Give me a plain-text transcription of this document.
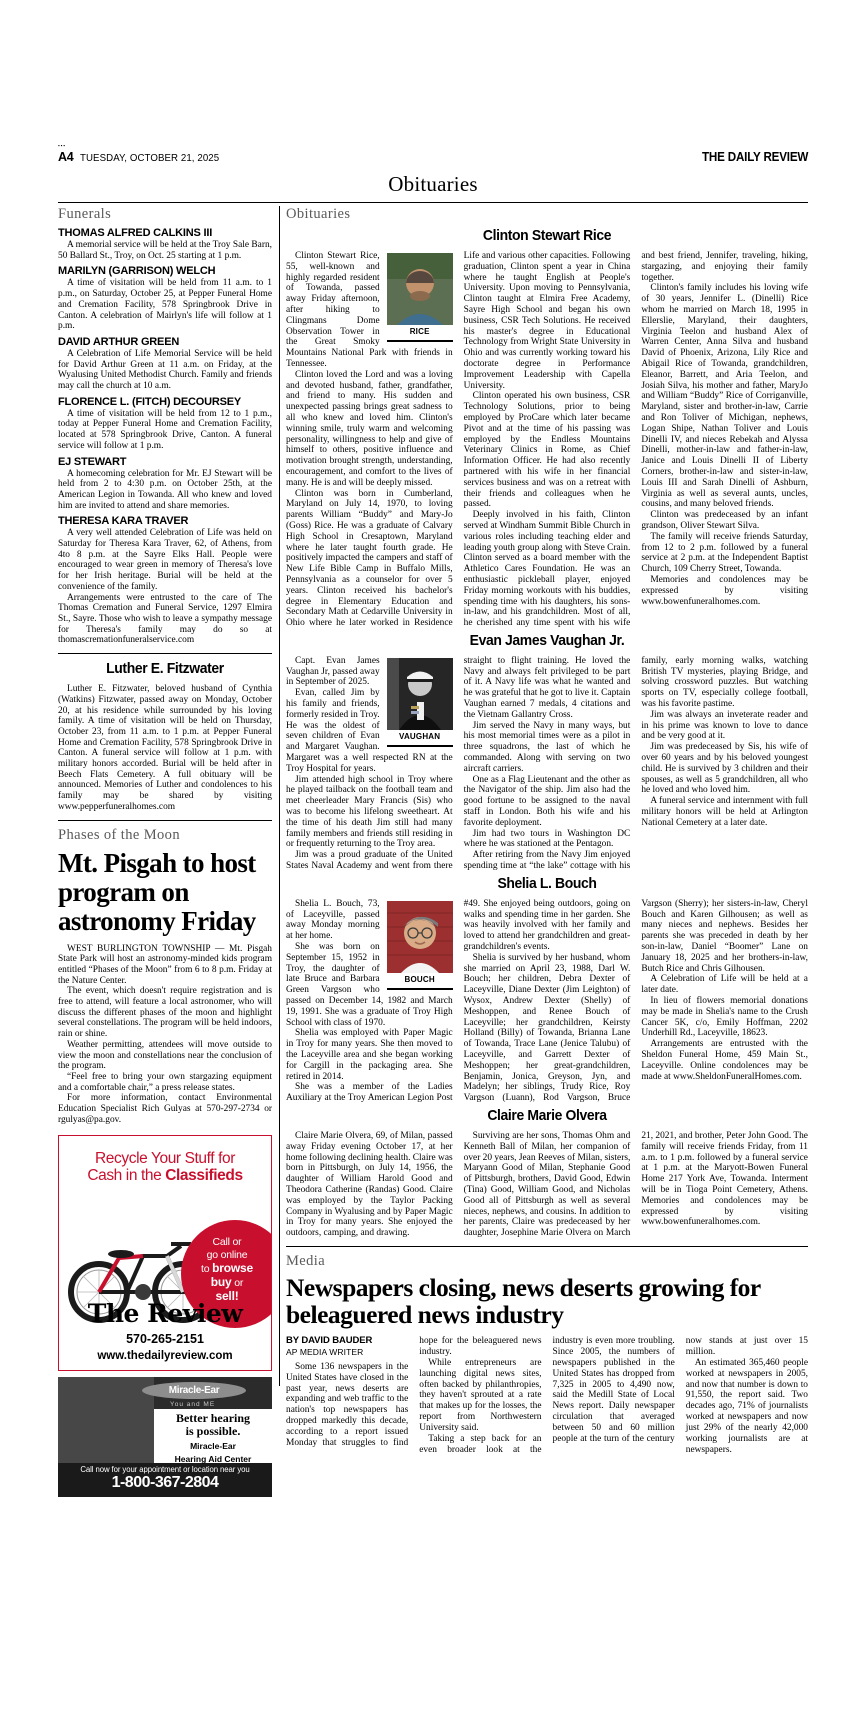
▪▪▪ A4 TUESDAY, OCTOBER 21, 2025	THE DAILY REVIEW
Obituaries
Funerals
THOMAS ALFRED CALKINS III
A memorial service will be held at the Troy Sale Barn, 50 Ballard St., Troy, on Oct. 25 starting at 1 p.m.
MARILYN (GARRISON) WELCH
A time of visitation will be held from 11 a.m. to 1 p.m., on Saturday, October 25, at Pepper Funeral Home and Cremation Facility, 578 Springbrook Drive in Canton. A celebration of Mairlyn's life will follow at 1 p.m.
DAVID ARTHUR GREEN
A Celebration of Life Memorial Service will be held for David Arthur Green at 11 a.m. on Friday, at the Wyalusing United Methodist Church. Family and friends may call the church at 10 a.m.
FLORENCE L. (FITCH) DECOURSEY
A time of visitation will be held from 12 to 1 p.m., today at Pepper Funeral Home and Cremation Facility, located at 578 Springbrook Drive, Canton. A funeral service will follow at 1 p.m.
EJ STEWART
A homecoming celebration for Mr. EJ Stewart will be held from 2 to 4:30 p.m. on October 25th, at the American Legion in Towanda. All who knew and loved him are invited to attend and share memories.
THERESA KARA TRAVER
A very well attended Celebration of Life was held on Saturday for Theresa Kara Traver, 62, of Athens, from 4to 8 p.m. at the Sayre Elks Hall. People were encouraged to wear green in memory of Theresa's love for her Irish heritage. Burial will be held at the convenience of the family.
Arrangements were entrusted to the care of The Thomas Cremation and Funeral Service, 1297 Elmira St., Sayre. Those who wish to leave a sympathy message for Theresa's family may do so at thomascremationfuneralservice.com
Luther E. Fitzwater
Luther E. Fitzwater, beloved husband of Cynthia (Watkins) Fitzwater, passed away on Monday, October 20, at his residence while surrounded by his loving family. A time of visitation will be held on Thursday, October 23, from 11 a.m. to 1 p.m. at Pepper Funeral Home and Cremation Facility, 578 Springbrook Drive in Canton. A funeral service will follow at 1 p.m. with military honors accorded. Burial will be held after in Beech Flats Cemetery. A full obituary will be announced. Memories of Luther and condolences to his family may be shared by visiting www.pepperfuneralhomes.com
Phases of the Moon
Mt. Pisgah to host program on astronomy Friday
WEST BURLINGTON TOWNSHIP — Mt. Pisgah State Park will host an astronomy-minded kids program entitled “Phases of the Moon” from 6 to 8 p.m. Friday at the Nature Center.
The event, which doesn't require registration and is free to attend, will feature a local astronomer, who will discuss the different phases of the moon and highlight several constellations. The program will be held indoors, rain or shine.
Weather permitting, attendees will move outside to view the moon and constellations near the conclusion of the program.
“Feel free to bring your own stargazing equipment and a comfortable chair,” a press release states.
For more information, contact Environmental Education Specialist Rich Gulyas at 570-297-2734 or rgulyas@pa.gov.
Recycle Your Stuff for
Cash in the Classifieds
Call or
go online
to browse
buy or
sell!
The Review
570-265-2151
www.thedailyreview.com
Miracle-Ear
You and ME
Better hearing
is possible.
Miracle-Ear
Hearing Aid Center
Call now for your appointment or location near you
1-800-367-2804
Obituaries
Clinton Stewart Rice
RICE

Clinton Stewart Rice, 55, well-known and highly regarded resident of Towanda, passed away Friday afternoon, after hiking to Clingmans Dome Observation Tower in the Great Smoky Mountains National Park with friends in Tennessee.

Clinton loved the Lord and was a loving and devoted husband, father, grandfather, and friend to many. His sudden and unexpected passing brings great sadness to all who knew and loved him. Clinton's winning smile, truly warm and welcoming personality, willingness to help and give of himself to others, positive influence and motivation brought strength, understanding, encouragement, and comfort to the lives of many. He is and will be deeply missed.

Clinton was born in Cumberland, Maryland on July 14, 1970, to loving parents William “Buddy” and Mary-Jo (Goss) Rice. He was a graduate of Calvary High School in Cresaptown, Maryland where he later taught fourth grade. He positively impacted the campers and staff of New Life Bible Camp in Buffalo Mills, Pennsylvania as a counselor for over 5 years. Clinton received his bachelor's degree in Elementary Education and Secondary Math at Cedarville University in Ohio where he later worked in Residence Life and various other capacities. Following graduation, Clinton spent a year in China where he taught English at People's University. Upon moving to Pennsylvania, Clinton taught at Elmira Free Academy, Sayre High School and began his own business, CSR Tech Solutions. He received his master's degree in Educational Technology from Wright State University in Ohio and was currently working toward his doctorate degree in Performance Improvement Leadership with Capella University.

Clinton operated his own business, CSR Technology Solutions, prior to being employed by ProCare which later became Pivot and at the time of his passing was employed by the Endless Mountains Veterinary Clinics in Rome, as Chief Information Officer. He had also recently partnered with his wife in her financial services business and was on a retreat with their friends and colleagues when he passed.

Deeply involved in his faith, Clinton served at Windham Summit Bible Church in various roles including teaching elder and leading youth group along with Steve Crain. Clinton served as a board member with the Athletico Cares Foundation. He was an enthusiastic pickleball player, enjoyed Friday morning workouts with his buddies, spending time with his daughters, his sons-in-law, and his grandchildren. Most of all, he cherished any time spent with his wife and best friend, Jennifer, traveling, hiking, stargazing, and enjoying their family together.

Clinton's family includes his loving wife of 30 years, Jennifer L. (Dinelli) Rice whom he married on March 18, 1995 in Ellerslie, Maryland, their daughters, Virginia Teelon and husband Alex of Warren Center, Anna Silva and husband David of Phoenix, Arizona, Lily Rice and Abigail Rice of Towanda, grandchildren, Eleanor, Barrett, and Aria Teelon, and Josiah Silva, his mother and father, MaryJo and William “Buddy” Rice of Corriganville, Maryland, sister and brother-in-law, Carrie and Ron Toliver of Michigan, nephews, Logan Shipe, Nathan Toliver and Louis Dinelli IV, and nieces Rebekah and Alyssa Dinelli, mother-in-law and father-in-law, Janice and Louis Dinelli II of Liberty Corners, brother-in-law and sister-in-law, Louis III and Sarah Dinelli of Ashburn, Virginia as well as several aunts, uncles, cousins, and many beloved friends.

Clinton was predeceased by an infant grandson, Oliver Stewart Silva.

The family will receive friends Saturday, from 12 to 2 p.m. followed by a funeral service at 2 p.m. at the Independent Baptist Church, 109 Cherry Street, Towanda.

Memories and condolences may be expressed by visiting www.bowenfuneralhomes.com.

Evan James Vaughan Jr.
VAUGHAN

Capt. Evan James Vaughan Jr, passed away in September of 2025.

Evan, called Jim by his family and friends, formerly resided in Troy. He was the oldest of seven children of Evan and Margaret Vaughan. Margaret was a well respected RN at the Troy Hospital for years.

Jim attended high school in Troy where he played tailback on the football team and met cheerleader Mary Francis (Sis) who was to become his lifelong sweetheart. At the time of his death Jim still had many family members and friends still residing in or frequently returning to the Troy area.

Jim was a proud graduate of the United States Naval Academy and went from there straight to flight training. He loved the Navy and always felt privileged to be part of it. A Navy life was what he wanted and he was grateful that he got to live it. Captain Vaughan earned 7 medals, 4 citations and the Vietnam Gallantry Cross.

Jim served the Navy in many ways, but his most memorial times were as a pilot in three squadrons, the last of which he commanded. Along with serving on two aircraft carriers.

One as a Flag Lieutenant and the other as the Navigator of the ship. Jim also had the good fortune to be assigned to the naval staff in London. Both his wife and his favorite deployment.

Jim had two tours in Washington DC where he was stationed at the Pentagon.

After retiring from the Navy Jim enjoyed spending time at “the lake” cottage with his family, early morning walks, watching British TV mysteries, playing Bridge, and solving crossword puzzles. But watching sports on TV, especially college football, was his favorite pastime.

Jim was always an inveterate reader and in his prime was known to love to dance and be very good at it.

Jim was predeceased by Sis, his wife of over 60 years and by his beloved youngest child. He is survived by 3 children and their spouses, as well as 5 grandchildren, all who he loved and who loved him.

A funeral service and internment with full military honors will be held at Arlington National Cemetery at a later date.

Shelia L. Bouch
BOUCH

Shelia L. Bouch, 73, of Laceyville, passed away Monday morning at her home.

She was born on September 15, 1952 in Troy, the daughter of late Bruce and Barbara Green Vargson who passed on December 14, 1982 and March 19, 1991. She was a graduate of Troy High School with class of 1970.

Shelia was employed with Paper Magic in Troy for many years. She then moved to the Laceyville area and she began working for Cargill in the packaging area. She retired in 2014.

She was a member of the Ladies Auxiliary at the Troy American Legion Post #49. She enjoyed being outdoors, going on walks and spending time in her garden. She was heavily involved with her family and loved to attend her grandchildren and great-grandchildren's events.

Shelia is survived by her husband, whom she married on April 23, 1988, Darl W. Bouch; her children, Debra Dexter of Laceyville, Diane Dexter (Jim Leighton) of Wysox, Andrew Dexter (Shelly) of Meshoppen, and Renee Bouch of Laceyville; her grandchildren, Keirsty Holland (Billy) of Towanda, Brianna Lane of Towanda, Trace Lane (Jenice Talubu) of Laceyville, and Garrett Dexter of Meshoppen; her great-grandchildren, Benjamin, Jonica, Greyson, Jyn, and Madelyn; her siblings, Trudy Rice, Roy Vargson (Luann), Rod Vargson, Bruce Vargson (Sherry); her sisters-in-law, Cheryl Bouch and Karen Gilhousen; as well as many nieces and nephews. Besides her parents she was preceded in death by her son-in-law, Daniel “Boomer” Lane on January 18, 2025 and her brothers-in-law, Butch Rice and Chris Gilhousen.

A Celebration of Life will be held at a later date.

In lieu of flowers memorial donations may be made in Shelia's name to the Crush Cancer 5K, c/o, Emily Hoffman, 2202 Underhill Rd., Laceyville, 18623.

Arrangements are entrusted with the Sheldon Funeral Home, 459 Main St., Laceyville. Online condolences may be made at www.SheldonFuneralHomes.com.

Claire Marie Olvera

Claire Marie Olvera, 69, of Milan, passed away Friday evening October 17, at her home following declining health. Claire was born in Pittsburgh, on July 14, 1956, the daughter of William Harold Good and Theodora Catherine (Randas) Good. Claire was employed by the Taylor Packing Company in Wyalusing and by Paper Magic in Troy for many years. She enjoyed the outdoors, camping, and drawing.

Surviving are her sons, Thomas Ohm and Kenneth Ball of Milan, her companion of over 20 years, Jean Reeves of Milan, sisters, Maryann Good of Milan, Stephanie Good of Pittsburgh, brothers, David Good, Edwin (Tina) Good, William Good, and Nicholas Good all of Pittsburgh as well as several nieces, nephews, and cousins. In addition to her parents, Claire was predeceased by her daughter, Josephine Marie Olvera on March 21, 2021, and brother, Peter John Good. The family will receive friends Friday, from 11 a.m. to 1 p.m. followed by a funeral service at 1 p.m. at the Maryott-Bowen Funeral Home 217 York Ave, Towanda. Interment will be in Tioga Point Cemetery, Athens. Memories and condolences may be expressed by visiting www.bowenfuneralhomes.com.

Media
Newspapers closing, news deserts growing for beleaguered news industry
BY DAVID BAUDER
AP MEDIA WRITER

Some 136 newspapers in the United States have closed in the past year, news deserts are expanding and web traffic to the nation's top newspapers has dropped markedly this decade, according to a report issued Monday that struggles to find hope for the beleaguered news industry.

While entrepreneurs are launching digital news sites, often backed by philanthropies, they haven't sprouted at a rate that makes up for the losses, the report from Northwestern University said.

Taking a step back for an even broader look at the industry is even more troubling. Since 2005, the numbers of newspapers published in the United States has dropped from 7,325 in 2005 to 4,490 now, said the Medill State of Local News report. Daily newspaper circulation that averaged between 50 and 60 million people at the turn of the century now stands at just over 15 million.

An estimated 365,460 people worked at newspapers in 2005, and now that number is down to 91,550, the report said. Two decades ago, 71% of journalists worked at newspapers and now just 29% of the nearly 42,000 working journalists are at newspapers.
